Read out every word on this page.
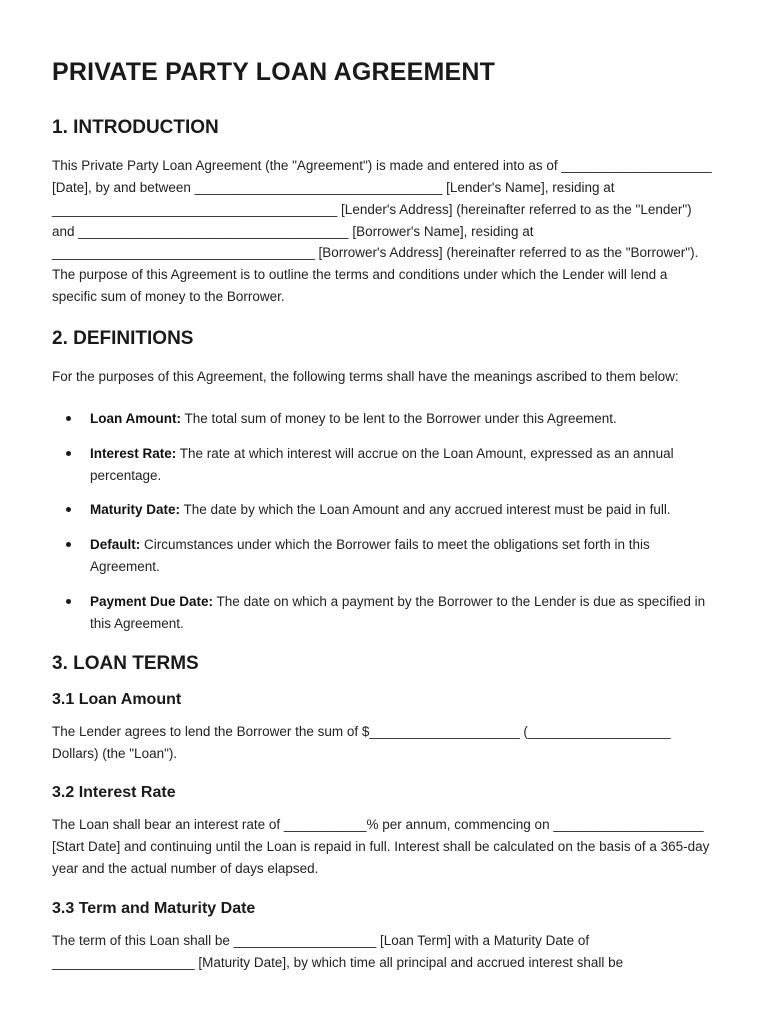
PRIVATE PARTY LOAN AGREEMENT
1. INTRODUCTION

This Private Party Loan Agreement (the "Agreement") is made and entered into as of ____________________ [Date], by and between _________________________________ [Lender's Name], residing at ______________________________________ [Lender's Address] (hereinafter referred to as the "Lender") and ____________________________________ [Borrower's Name], residing at ___________________________________ [Borrower's Address] (hereinafter referred to as the "Borrower"). The purpose of this Agreement is to outline the terms and conditions under which the Lender will lend a specific sum of money to the Borrower.

2. DEFINITIONS

For the purposes of this Agreement, the following terms shall have the meanings ascribed to them below:

Loan Amount: The total sum of money to be lent to the Borrower under this Agreement.
Interest Rate: The rate at which interest will accrue on the Loan Amount, expressed as an annual percentage.
Maturity Date: The date by which the Loan Amount and any accrued interest must be paid in full.
Default: Circumstances under which the Borrower fails to meet the obligations set forth in this Agreement.
Payment Due Date: The date on which a payment by the Borrower to the Lender is due as specified in this Agreement.
3. LOAN TERMS
3.1 Loan Amount

The Lender agrees to lend the Borrower the sum of $____________________ (___________________ Dollars) (the "Loan").

3.2 Interest Rate

The Loan shall bear an interest rate of ___________% per annum, commencing on ____________________ [Start Date] and continuing until the Loan is repaid in full. Interest shall be calculated on the basis of a 365-day year and the actual number of days elapsed.

3.3 Term and Maturity Date

The term of this Loan shall be ___________________ [Loan Term] with a Maturity Date of ___________________ [Maturity Date], by which time all principal and accrued interest shall be
